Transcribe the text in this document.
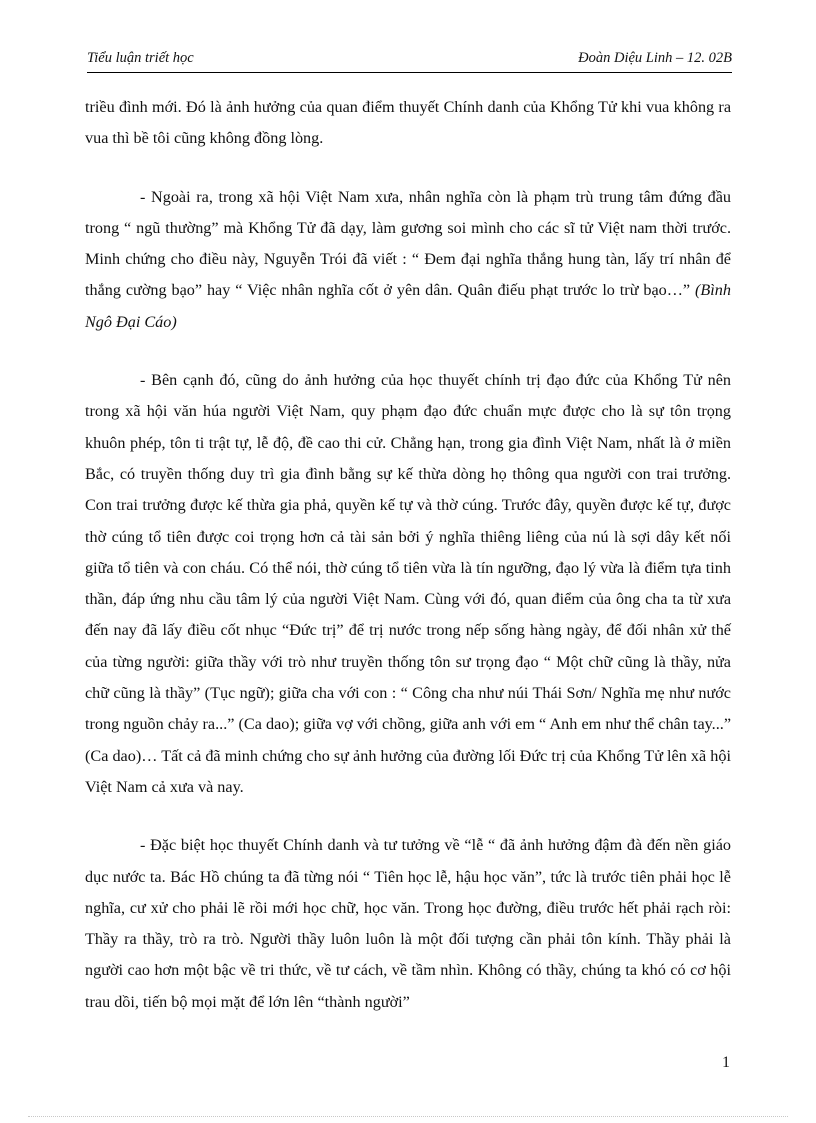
Tiểu luận triết học	Đoàn Diệu Linh – 12. 02B

triều đình mới. Đó là ảnh hưởng của quan điểm thuyết Chính danh của Khổng Tử khi vua không ra vua thì bề tôi cũng không đồng lòng.

- Ngoài ra, trong xã hội Việt Nam xưa, nhân nghĩa còn là phạm trù trung tâm đứng đầu trong “ ngũ thường” mà Khổng Tử đã dạy, làm gương soi mình cho các sĩ tử Việt nam thời trước. Minh chứng cho điều này, Nguyễn Trói đã viết : “ Đem đại nghĩa thắng hung tàn, lấy trí nhân để thắng cường bạo” hay “ Việc nhân nghĩa cốt ở yên dân. Quân điếu phạt trước lo trừ bạo…” (Bình Ngô Đại Cáo)

- Bên cạnh đó, cũng do ảnh hưởng của học thuyết chính trị đạo đức của Khổng Tử nên trong xã hội văn húa người Việt Nam, quy phạm đạo đức chuẩn mực được cho là sự tôn trọng khuôn phép, tôn ti trật tự, lễ độ, đề cao thi cử. Chẳng hạn, trong gia đình Việt Nam, nhất là ở miền Bắc, có truyền thống duy trì gia đình bằng sự kế thừa dòng họ thông qua người con trai trưởng. Con trai trưởng được kế thừa gia phả, quyền kế tự và thờ cúng. Trước đây, quyền được kế tự, được thờ cúng tổ tiên được coi trọng hơn cả tài sản bởi ý nghĩa thiêng liêng của nú là sợi dây kết nối giữa tổ tiên và con cháu. Có thể nói, thờ cúng tổ tiên vừa là tín ngưỡng, đạo lý vừa là điểm tựa tinh thần, đáp ứng nhu cầu tâm lý của người Việt Nam. Cùng với đó, quan điểm của ông cha ta từ xưa đến nay đã lấy điều cốt nhục “Đức trị” để trị nước trong nếp sống hàng ngày, để đối nhân xử thế của từng người: giữa thầy với trò như truyền thống tôn sư trọng đạo “ Một chữ cũng là thầy, nửa chữ cũng là thầy” (Tục ngữ); giữa cha với con : “ Công cha như núi Thái Sơn/ Nghĩa mẹ như nước trong nguồn chảy ra...” (Ca dao); giữa vợ với chồng, giữa anh với em “ Anh em như thể chân tay...” (Ca dao)… Tất cả đã minh chứng cho sự ảnh hưởng của đường lối Đức trị của Khổng Tử lên xã hội Việt Nam cả xưa và nay.

- Đặc biệt học thuyết Chính danh và tư tưởng về “lễ “ đã ảnh hưởng đậm đà đến nền giáo dục nước ta. Bác Hồ chúng ta đã từng nói “ Tiên học lễ, hậu học văn”, tức là trước tiên phải học lễ nghĩa, cư xử cho phải lẽ rồi mới học chữ, học văn. Trong học đường, điều trước hết phải rạch ròi: Thầy ra thầy, trò ra trò. Người thầy luôn luôn là một đối tượng cần phải tôn kính. Thầy phải là người cao hơn một bậc về tri thức, về tư cách, về tầm nhìn. Không có thầy, chúng ta khó có cơ hội trau dồi, tiến bộ mọi mặt để lớn lên “thành người”

1
